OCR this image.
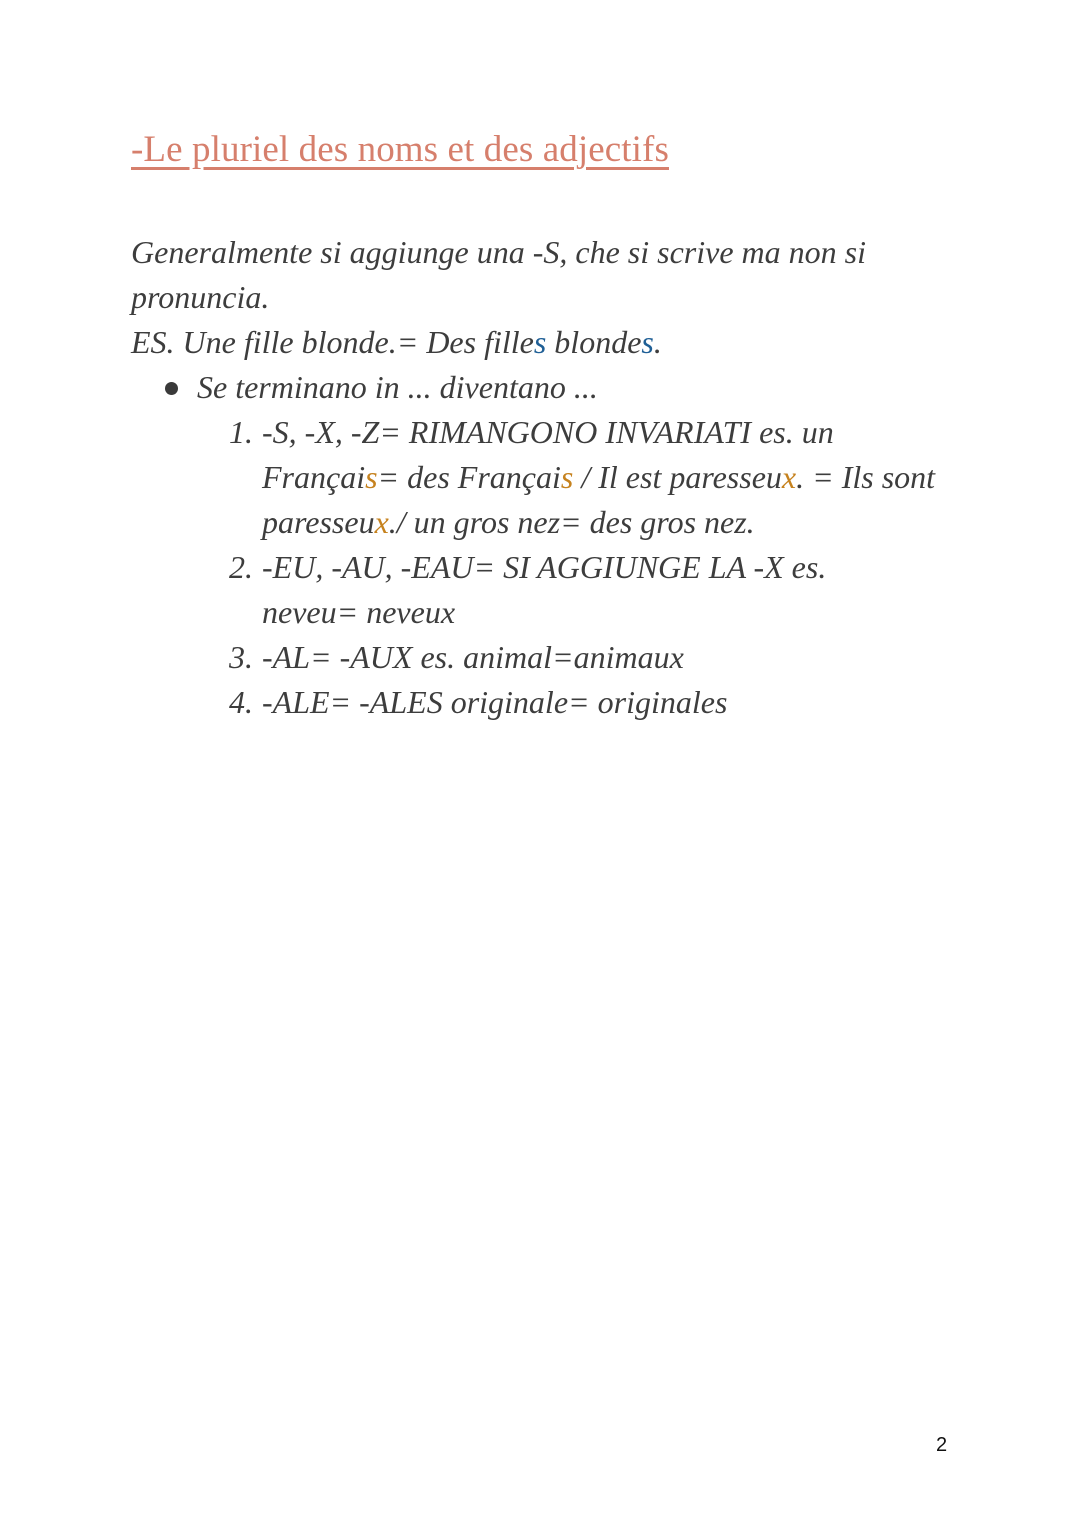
-Le pluriel des noms et des adjectifs
Generalmente si aggiunge una -S, che si scrive ma non si
pronuncia.
ES. Une fille blonde.= Des filles blondes.
Se terminano in ... diventano ...
1. -S, -X, -Z= RIMANGONO INVARIATI es. un
Français= des Français / Il est paresseux. = Ils sont
paresseux./ un gros nez= des gros nez.
2. -EU, -AU, -EAU= SI AGGIUNGE LA -X es.
neveu= neveux
3. -AL= -AUX es. animal=animaux
4. -ALE= -ALES originale= originales
2
